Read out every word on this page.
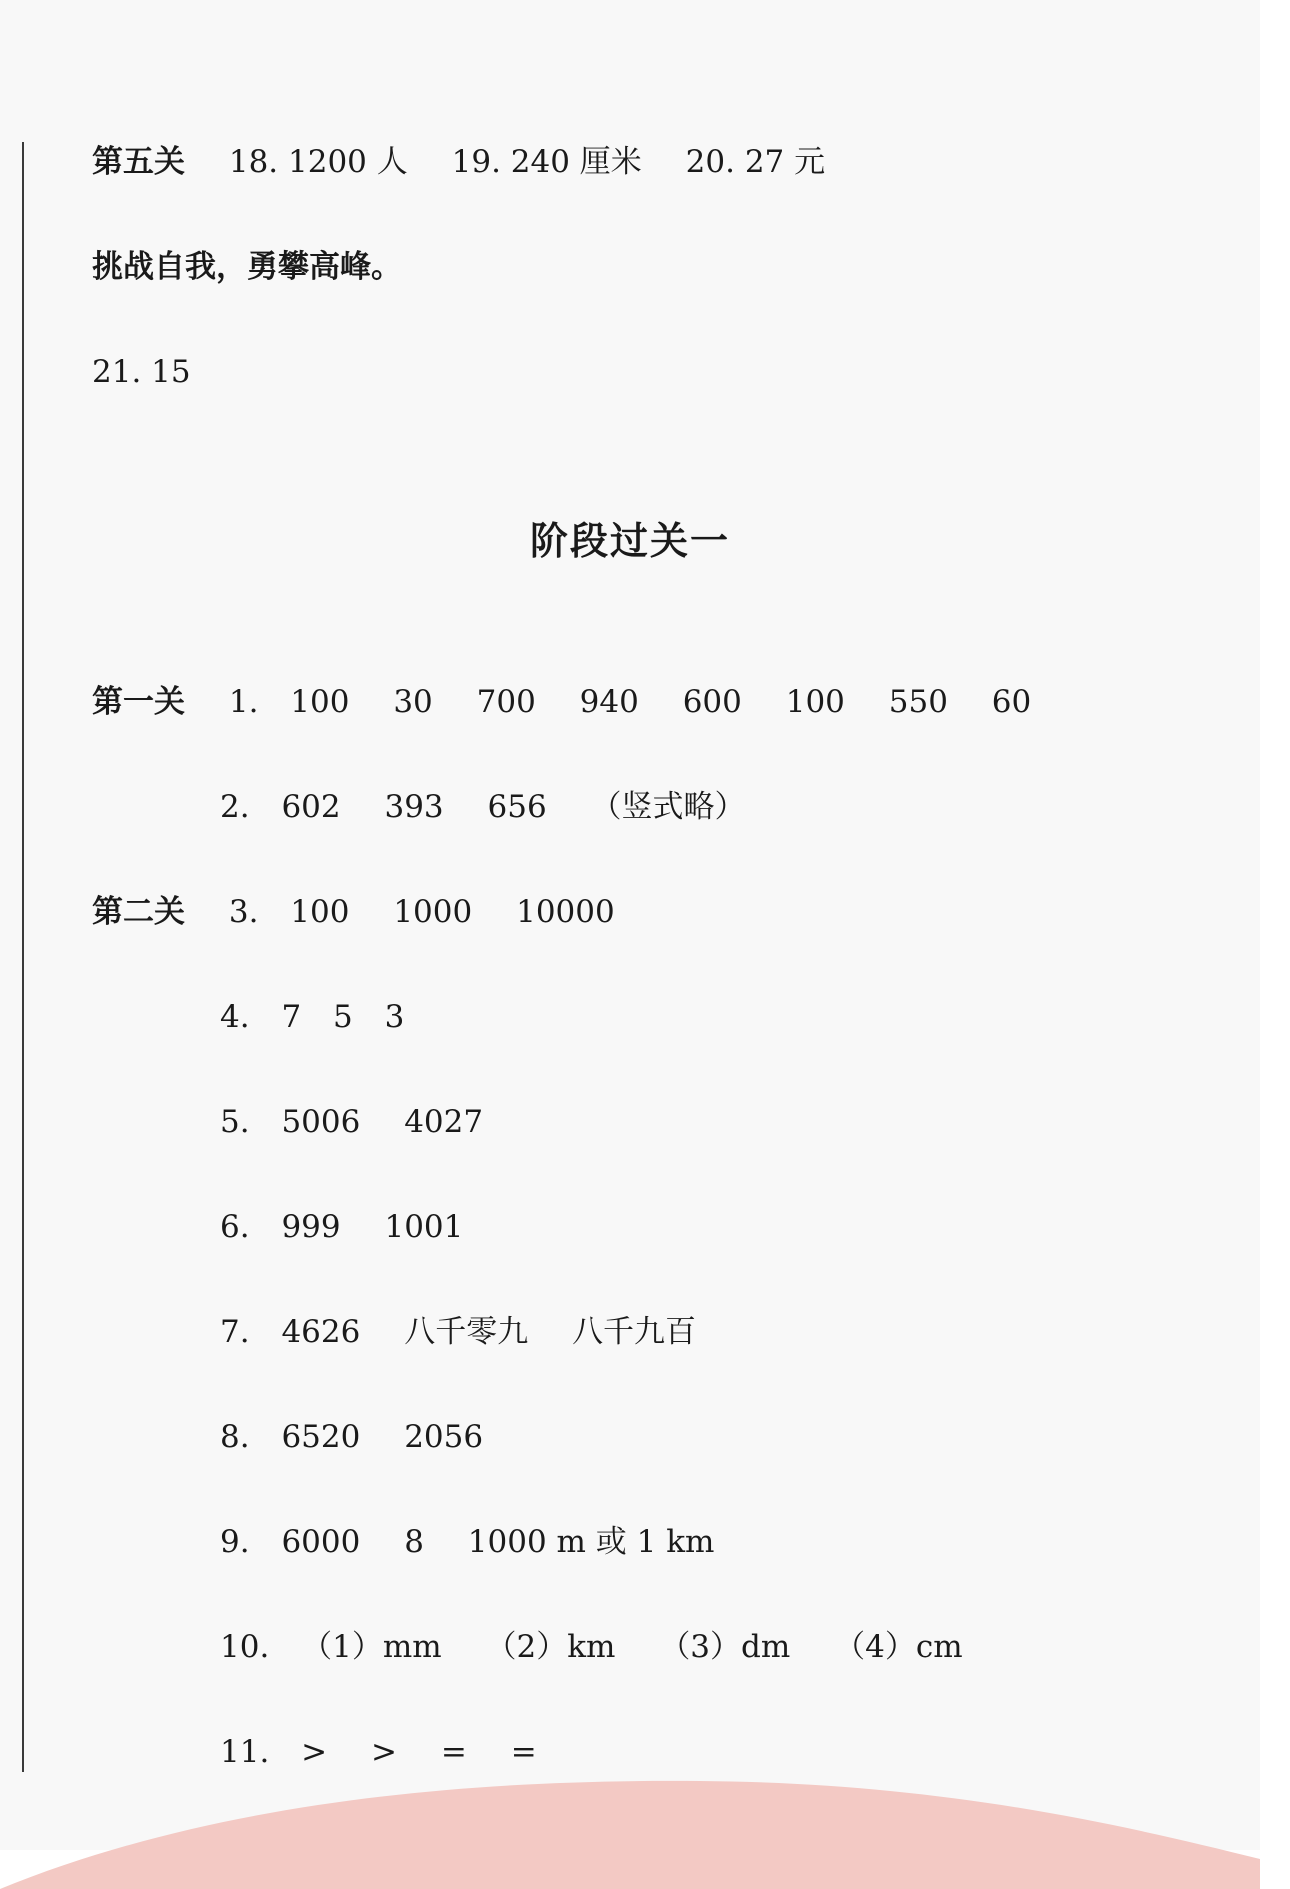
第五关 18. 1200 人 19. 240 厘米 20. 27 元
挑战自我，勇攀高峰。
21. 15
阶段过关一
第一关 1. 100 30 700 940 600 100 550 60
2. 602 393 656 （竖式略）
第二关 3. 100 1000 10000
4. 7 5 3
5. 5006 4027
6. 999 1001
7. 4626 八千零九 八千九百
8. 6520 2056
9. 6000 8 1000 m 或 1 km
10. （1）mm （2）km （3）dm （4）cm
11. > > = =
